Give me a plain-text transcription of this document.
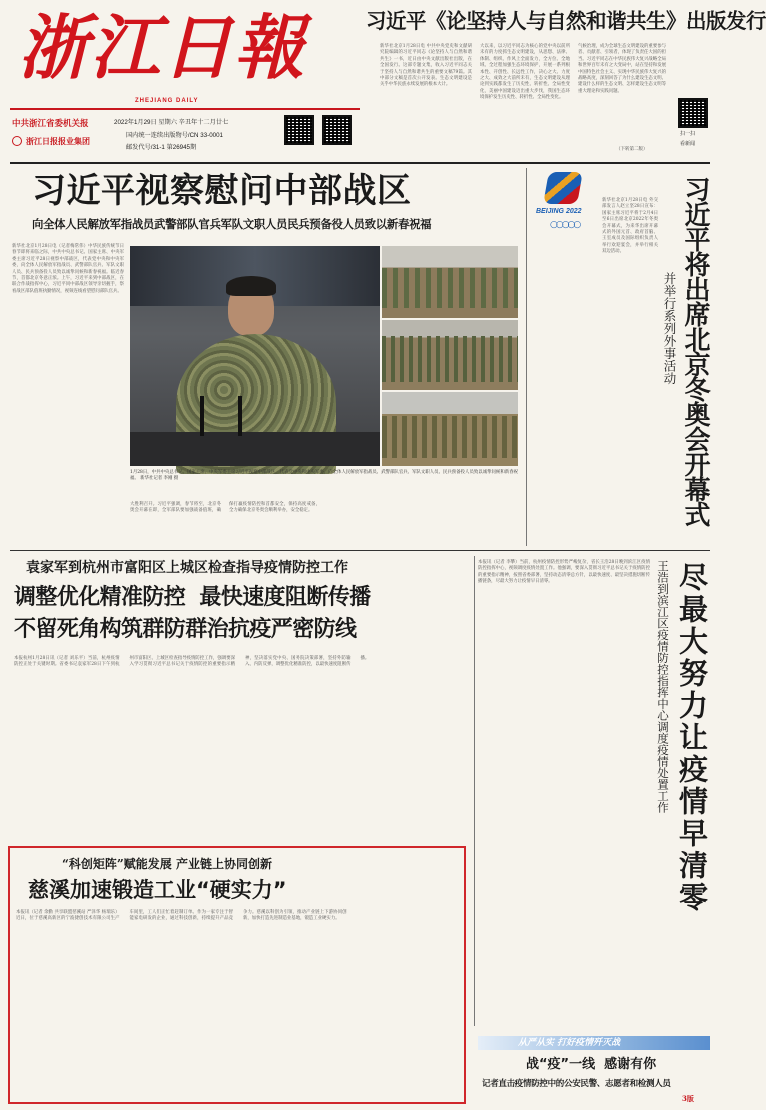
浙江日報
ZHEJIANG DAILY
中共浙江省委机关报
浙江日报报业集团
2022年1月29日 星期六 辛丑年十二月廿七
国内统一连续出版物号/CN 33-0001
邮发代号/31-1 第26945期
习近平《论坚持人与自然和谐共生》出版发行
新华社北京1月28日电 中共中央党史和文献研究院编辑的习近平同志《论坚持人与自然和谐共生》一书，近日由中央文献出版社出版，在全国发行。这部专题文集，收入习近平同志关于坚持人与自然和谐共生的重要文稿79篇。其中部分文稿是首次公开发表。生态文明建设是关乎中华民族永续发展的根本大计。
大以来，以习近平同志为核心的党中央以前所未有的力度抓生态文明建设，从思想、法律、体制、组织、作风上全面发力，全方位、全地域、全过程加强生态环境保护，开展一系列根本性、开创性、长远性工作，决心之大、力度之大、成效之大前所未有，生态文明建设从理论到实践都发生了历史性、转折性、全局性变化，美丽中国建设迈出重大步伐，我国生态环境保护发生历史性、转折性、全局性变化。
气候治理，成为全球生态文明建设的重要参与者、贡献者、引领者，体现了负责任大国的担当。习近平同志在中华民族伟大复兴战略全局和世界百年未有之大变局中，站在坚持和发展中国特色社会主义、实现中华民族伟大复兴的战略高度，深刻回答了为什么建设生态文明、建设什么样的生态文明、怎样建设生态文明等重大理论和实践问题。
（下转第二版）
扫一扫
看新闻
习近平视察慰问中部战区
向全体人民解放军指战员武警部队官兵军队文职人员民兵预备役人员致以新春祝福
新华社北京1月28日电（记者梅常伟）中华民族传统节日春节即将来临之际，中共中央总书记、国家主席、中央军委主席习近平28日视察中部战区，代表党中央和中央军委，向全体人民解放军指战员、武警部队官兵、军队文职人员、民兵预备役人员致以诚挚问候和新春祝福。临近春节，首都北京冬意正浓。上午，习近平来到中部战区，在联合作战指挥中心，习近平同中部战区领导亲切握手，察看战区部队值班执勤情况，视频连线看望慰问部队官兵。
1月28日，中共中央总书记、国家主席、中央军委主席习近平视察中部战区，代表党中央和中央军委，向全体人民解放军指战员、武警部队官兵、军队文职人员、民兵预备役人员致以诚挚问候和新春祝福。 新华社记者 李刚 摄
大胜利召开。习近平强调，春节将至，北京冬奥会开幕在即，全军部队要加强战备值班，确保打赢疫情防控和首都安全，保持高度戒备，全力确保北京冬奥会顺利举办，安全稳定。
BEIJING 2022
○○○○○
新华社北京1月28日电 外交部发言人赵立坚28日宣布：国家主席习近平将于2月4日至6日出席北京2022年冬奥会开幕式，为来华出席开幕式的外国元首、政府首脑、王室成员及国际组织负责人举行欢迎宴会，并举行相关双边活动。
并举行系列外事活动 习近平将出席北京冬奥会开幕式
袁家军到杭州市富阳区上城区检查指导疫情防控工作
调整优化精准防控  最快速度阻断传播
不留死角构筑群防群治抗疫严密防线
本报杭州1月28日讯（记者 刘乐平）当前，杭州疫情防控正处于关键时期。省委书记袁家军28日下午到杭州市富阳区、上城区检查指导疫情防控工作，强调要深入学习贯彻习近平总书记关于疫情防控的重要指示精神，坚决落实党中央、国务院决策部署，坚持外防输入、内防反弹，调整优化精准防控，以最快速度阻断传播。
“科创矩阵”赋能发展 产业链上协同创新
慈溪加速锻造工业“硬实力”
本报讯（记者 余勤 共享联盟慈溪站 严泽华 杨瑞乐）近日，位于慈溪高新区的宁波捷创技术有限公司生产车间里，工人们正忙着赶制订单。作为一家专注于智能家电研发的企业，通过科技创新，持续提升产品竞争力。慈溪以科创为引领，推动产业链上下游协同创新，加快打造先进制造业基地，锻造工业硬实力。
本报讯（记者 李攀）当前，杭州疫情防控形势严峻复杂，省长王浩28日晚到滨江区疫情防控指挥中心，视频调度疫情处置工作。他强调，要深入贯彻习近平总书记关于疫情防控的重要指示精神，按照省委部署，坚持动态清零总方针，以最快速度、最坚决措施切断传播链条，尽最大努力让疫情早日清零。	王浩到滨江区疫情防控指挥中心调度疫情处置工作 尽最大努力让疫情早清零
从严从实 打好疫情歼灭战
战“疫”一线  感谢有你
记者直击疫情防控中的公安民警、志愿者和检测人员
3版
